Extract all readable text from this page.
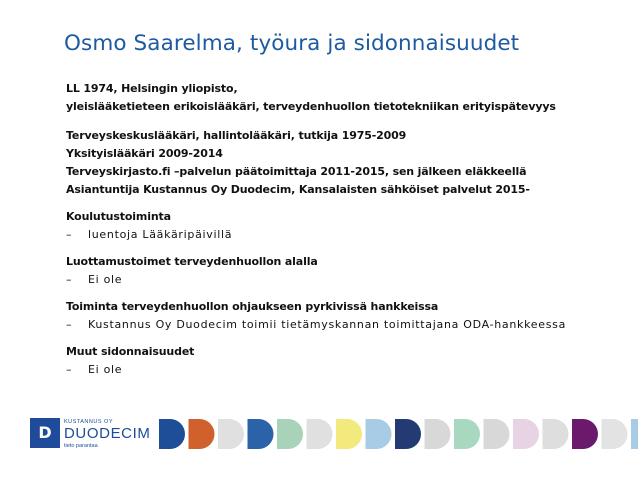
Osmo Saarelma, työura ja sidonnaisuudet
LL 1974, Helsingin yliopisto,
yleislääketieteen erikoislääkäri, terveydenhuollon tietotekniikan erityispätevyys
Terveyskeskuslääkäri, hallintolääkäri, tutkija 1975-2009
Yksityislääkäri 2009-2014
Terveyskirjasto.fi –palvelun päätoimittaja 2011-2015, sen jälkeen eläkkeellä
Asiantuntija Kustannus Oy Duodecim, Kansalaisten sähköiset palvelut 2015-
Koulutustoiminta
– luentoja Lääkäripäivillä
Luottamustoimet terveydenhuollon alalla
– Ei ole
Toiminta terveydenhuollon ohjaukseen pyrkivissä hankkeissa
– Kustannus Oy Duodecim toimii tietämyskannan toimittajana ODA-hankkeessa
Muut sidonnaisuudet
– Ei ole
D
KUSTANNUS OY
DUODECIM
tieto parantaa
